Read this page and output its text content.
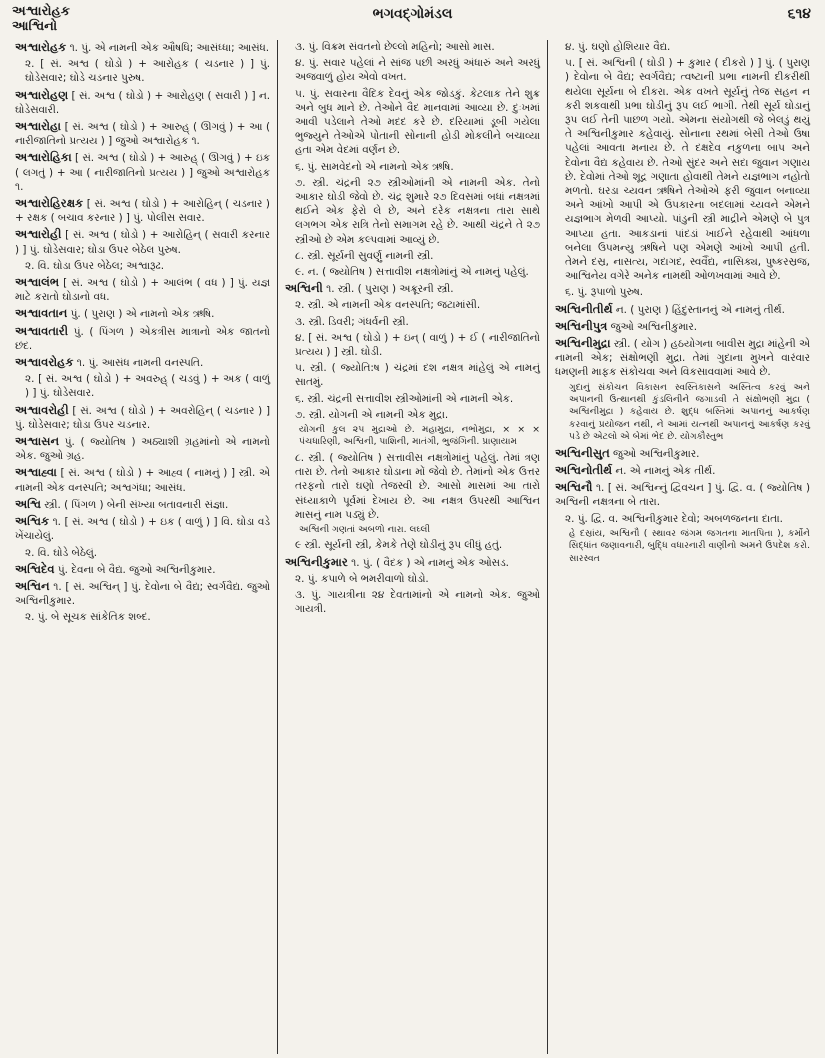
અશ્વારોહક
આશ્વિનો
ભગવદ્ગોમંડલ	૬૧૪
અશ્વારોહક ૧. પું. એ નામની એક ઔષધિ; આસંધ્ધા; આસંધ.
૨. [ સં. અશ્વ ( ઘોડો ) + આરોહક ( ચડનાર ) ] પું. ઘોડેસવાર; ઘોડે ચડનાર પુરુષ.
અશ્વારોહણ [ સં. અશ્વ ( ઘોડો ) + આરોહણ ( સવારી ) ] ન. ઘોડેસવારી.
અશ્વારોહા [ સં. અશ્વ ( ઘોડો ) + આરુહ્ ( ઊગવું ) + આ ( નારીજાતિનો પ્રત્યય ) ] જુઓ અશ્વારોહક ૧.
અશ્વારોહિકા [ સં. અશ્વ ( ઘોડો ) + આરુહ્ ( ઊગવું ) + ઇક ( લગતું ) + આ ( નારીજાતિનો પ્રત્યય ) ] જુઓ અશ્વારોહક ૧.
અશ્વારોહિરક્ષક [ સં. અશ્વ ( ઘોડો ) + આરોહિન્ ( ચડનાર ) + રક્ષક ( બચાવ કરનાર ) ] પું. પોલીસ સવાર.
અશ્વારોહી [ સં. અશ્વ ( ઘોડો ) + આરોહિન્ ( સવારી કરનાર ) ] પું. ઘોડેસવાર; ઘોડા ઉપર બેઠેલ પુરુષ.
૨. વિ. ઘોડા ઉપર બેઠેલ; અશ્વારૂઢ.
અશ્વાલંભ [ સં. અશ્વ ( ઘોડો ) + આલંભ ( વધ ) ] પું. યજ્ઞ માટે કરાતો ઘોડાનો વધ.
અશ્વાવતાન પું. ( પુરાણ ) એ નામનો એક ઋષિ.
અશ્વાવતારી પું. ( પિંગળ ) એકત્રીસ માત્રાનો એક જાતનો છંદ.
અશ્વાવરોહક ૧. પું. આસંધ નામની વનસ્પતિ.
૨. [ સં. અશ્વ ( ઘોડો ) + અવરુહ્ ( ચડવું ) + અક ( વાળું ) ] પું. ઘોડેસવાર.
અશ્વાવરોહી [ સં. અશ્વ ( ઘોડો ) + અવરોહિન્ ( ચડનાર ) ] પું. ઘોડેસવાર; ઘોડા ઉપર ચડનાર.
અશ્વાસન પું. ( જ્યોતિષ ) અઠ્યાશી ગ્રહમાંનો એ નામનો એક. જુઓ ગ્રહ.
અશ્વાહ્વા [ સં. અશ્વ ( ઘોડો ) + આહ્વ ( નામનું ) ] સ્ત્રી. એ નામની એક વનસ્પતિ; અશ્વગંધા; આસંધ.
અશ્વિ સ્ત્રી. ( પિંગળ ) બેની સંખ્યા બતાવનારી સંજ્ઞા.
અશ્વિક ૧. [ સં. અશ્વ ( ઘોડો ) + ઇક ( વાળું ) ] વિ. ઘોડા વડે ખેંચાયેલું.
૨. વિ. ઘોડે બેઠેલું.
અશ્વિદેવ પું. દેવના બે વૈદ્ય. જુઓ અશ્વિનીકુમાર.
અશ્વિન ૧. [ સં. અશ્વિન્ ] પું. દેવોના બે વૈદ્ય; સ્વર્ગવૈદ્ય. જુઓ અશ્વિનીકુમાર.
૨. પું. બે સૂચક સાંકેતિક શબ્દ.
૩. પું. વિક્રમ સંવતનો છેલ્લો મહિનો; આસો માસ.
૪. પું. સવાર પહેલાં ને સાંજ પછી અરધું અંધારું અને અરધું અજવાળું હોય એવો વખત.
૫. પું. સવારના વૈદિક દેવનું એક જોડકું. કેટલાક તેને શુક્ર અને બુધ માને છે. તેઓને વૈદ માનવામાં આવ્યા છે. દુઃખમાં આવી પડેલાને તેઓ મદદ કરે છે. દરિયામાં ડૂબી ગયેલા ભુજ્યુને તેઓએ પોતાની સોનાની હોડી મોકલીને બચાવ્યા હતા એમ વેદમાં વર્ણન છે.
૬. પું. સામવેદનો એ નામનો એક ઋષિ.
૭. સ્ત્રી. ચંદ્રની ૨૭ સ્ત્રીઓમાંની એ નામની એક. તેનો આકાર ઘોડી જેવો છે. ચંદ્ર શુમારે ૨૭ દિવસમાં બધાં નક્ષત્રમાં થઈને એક ફેરો લે છે, અને દરેક નક્ષત્રના તારા સાથે લગભગ એક રાત્રિ તેનો સમાગમ રહે છે. આથી ચંદ્રને તે ૨૭ સ્ત્રીઓ છે એમ કલ્પવામાં આવ્યું છે.
૮. સ્ત્રી. સૂર્યની સુવર્ણુ નામની સ્ત્રી.
૯. ન. ( જ્યોતિષ ) સત્તાવીશ નક્ષત્રોમાંનું એ નામનું પહેલું.
અશ્વિની ૧. સ્ત્રી. ( પુરાણ ) અક્રૂરની સ્ત્રી.
૨. સ્ત્રી. એ નામની એક વનસ્પતિ; જટામાંસી.
૩. સ્ત્રી. ડિવરી; ગંધર્વની સ્ત્રી.
૪. [ સં. અશ્વ ( ઘોડો ) + ઇન્ ( વાળું ) + ઈ ( નારીજાતિનો પ્રત્યય ) ] સ્ત્રી. ઘોડી.
૫. સ્ત્રી. ( જ્યોતિ:ષ ) ચંદ્રમાં દશ નક્ષત્ર માંહેલું એ નામનું સાતમું.
૬. સ્ત્રી. ચંદ્રની સત્તાવીશ સ્ત્રીઓમાંની એ નામની એક.
૭. સ્ત્રી. યોગની એ નામની એક મુદ્રા.
યોગની કુલ ૨૫ મુદ્રાઓ છે. મહામુદ્રા, નભોમુદ્રા, × × × પંચધારિણી, અશ્વિની, પાશિની, માતંગી, ભુજંગિની. પ્રાણાયામ
૮. સ્ત્રી. ( જ્યોતિષ ) સત્તાવીસ નક્ષત્રોમાંનું પહેલું. તેમાં ત્રણ તારા છે. તેનો આકાર ઘોડાના મોં જેવો છે. તેમાંનો એક ઉત્તર તરફનો તારો ઘણો તેજસ્વી છે. આસો માસમાં આ તારો સંધ્યાકાળે પૂર્વમાં દેખાય છે. આ નક્ષત્ર ઉપરથી આશ્વિન માસનું નામ પડ્યું છે.
અશ્વિની ગણતાં અબળો નારા. લઘ્લી
૯ સ્ત્રી. સૂર્યની સ્ત્રી, કેમકે તેણે ઘોડીનું રૂપ લીધું હતું.
અશ્વિનીકુમાર ૧. પું. ( વૈદક ) એ નામનું એક ઓસડ.
૨. પું. કપાળે બે ભમરીવાળો ઘોડો.
૩. પું. ગાયત્રીના ૨૪ દેવતામાંનો એ નામનો એક. જુઓ ગાયત્રી.
૪. પું. ઘણો હોશિયાર વૈદ્ય.
૫. [ સં. અશ્વિની ( ઘોડી ) + કુમાર ( દીકરો ) ] પું. ( પુરાણ ) દેવોના બે વૈદ્ય; સ્વર્ગવૈદ્ય; ત્વષ્ટાની પ્રભા નામની દીકરીથી થયેલા સૂર્યના બે દીકરા. એક વખતે સૂર્યનું તેજ સહન ન કરી શકવાથી પ્રભા ઘોડીનું રૂપ લઈ ભાગી. તેથી સૂર્ય ઘોડાનું રૂપ લઈ તેની પાછળ ગયો. એમના સંયોગથી જે બેલડું થયું તે અશ્વિનીકુમાર કહેવાયું. સોનાના રથમાં બેસી તેઓ ઉષા પહેલાં આવતા મનાય છે. તે દક્ષદેવ નકુળના બાપ અને દેવોના વૈદ્ય કહેવાય છે. તેઓ સુંદર અને સદા જુવાન ગણાય છે. દેવોમાં તેઓ શૂદ્ર ગણાતા હોવાથી તેમને યજ્ઞભાગ નહોતો મળતો. ઘરડા ચ્યવન ઋષિને તેઓએ ફરી જુવાન બનાવ્યા અને આંખો આપી એ ઉપકારના બદલામાં ચ્યવને એમને યજ્ઞભાગ મેળવી આપ્યો. પાંડુની સ્ત્રી માદ્રીને એમણે બે પુત્ર આપ્યા હતા. આકડાનાં પાંદડાં ખાઈને રહેવાથી આંધળા બનેલા ઉપમન્યુ ઋષિને પણ એમણે આંખો આપી હતી. તેમને દસ્ર, નાસત્ય, ગદાગદ, સ્વર્વૈદ્ય, નાસિક્ય, પુષ્કરસ્રજ, આશ્વિનેય વગેરે અનેક નામથી ઓળખવામાં આવે છે.
૬. પું. રૂપાળો પુરુષ.
અશ્વિનીતીર્થ ન. ( પુરાણ ) હિંદુસ્તાનનું એ નામનું તીર્થ.
અશ્વિનીપુત્ર જુઓ અશ્વિનીકુમાર.
અશ્વિનીમુદ્રા સ્ત્રી. ( યોગ ) હઠયોગના બાવીસ મુદ્રા માંહેની એ નામની એક; સંક્ષોભણી મુદ્રા. તેમાં ગુદાના મુખને વારંવાર ધમણની માફક સંકોચવા અને વિકસાવવામાં આવે છે.
ગુદાનું સંકોચન વિકાસન સ્વસ્તિકાસને અસ્તિત્વ કરવું અને અપાનની ઉત્થાનથી કુંડલિનીને જગાડવી તે સંક્ષોભણી મુદ્રા ( અશ્વિનીમુદ્રા ) કહેવાય છે. શુદ્ધ બસ્તિમાં અપાનનું આકર્ષણ કરવાનું પ્રયોજન નથી, ને આમાં યત્નથી અપાનનું આકર્ષણ કરવું પડે છે એટલો એ બેમાં ભેદ છે. યોગકૌસ્તુભ
અશ્વિનીસુત જુઓ અશ્વિનીકુમાર.
અશ્વિનોતીર્થ ન. એ નામનું એક તીર્થ.
અશ્વિનૌ ૧. [ સં. અશ્વિન્નું દ્વિવચન ] પું. દ્વિ. વ. ( જ્યોતિષ ) અશ્વિની નક્ષત્રના બે તારા.
૨. પું. દ્વિ. વ. અશ્વિનીકુમાર દેવો; અબળજનના દાતા.
હે દસ્રાંય, અશ્વિનૌ ( સ્થાવર જંગમ જગતના માતપિતા ), કર્મોને સિદ્ધાંત જણાવનારી, બુદ્ધિ વધારનારી વાણીનો અમને ઉપદેશ કરો. સારસ્વત
